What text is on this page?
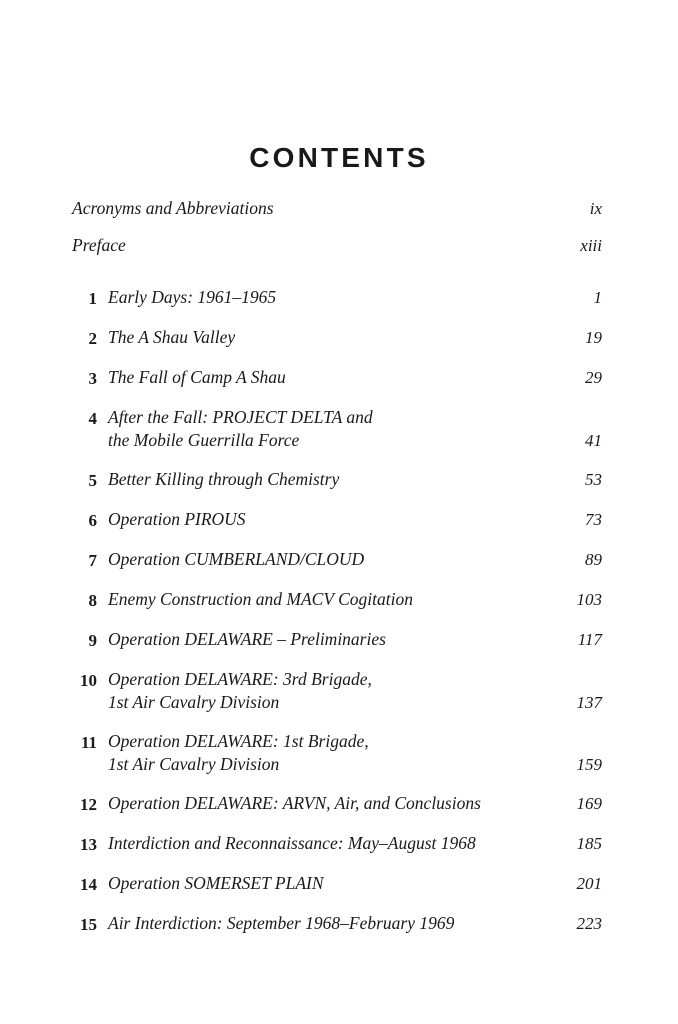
CONTENTS
Acronyms and Abbreviations	ix
Preface	xiii
1 Early Days: 1961–1965	1
2 The A Shau Valley	19
3 The Fall of Camp A Shau	29
4 After the Fall: PROJECT DELTA and
the Mobile Guerrilla Force	41
5 Better Killing through Chemistry	53
6 Operation PIROUS	73
7 Operation CUMBERLAND/CLOUD	89
8 Enemy Construction and MACV Cogitation	103
9 Operation DELAWARE – Preliminaries	117
10 Operation DELAWARE: 3rd Brigade,
1st Air Cavalry Division	137
11 Operation DELAWARE: 1st Brigade,
1st Air Cavalry Division	159
12 Operation DELAWARE: ARVN, Air, and Conclusions	169
13 Interdiction and Reconnaissance: May–August 1968	185
14 Operation SOMERSET PLAIN	201
15 Air Interdiction: September 1968–February 1969	223
